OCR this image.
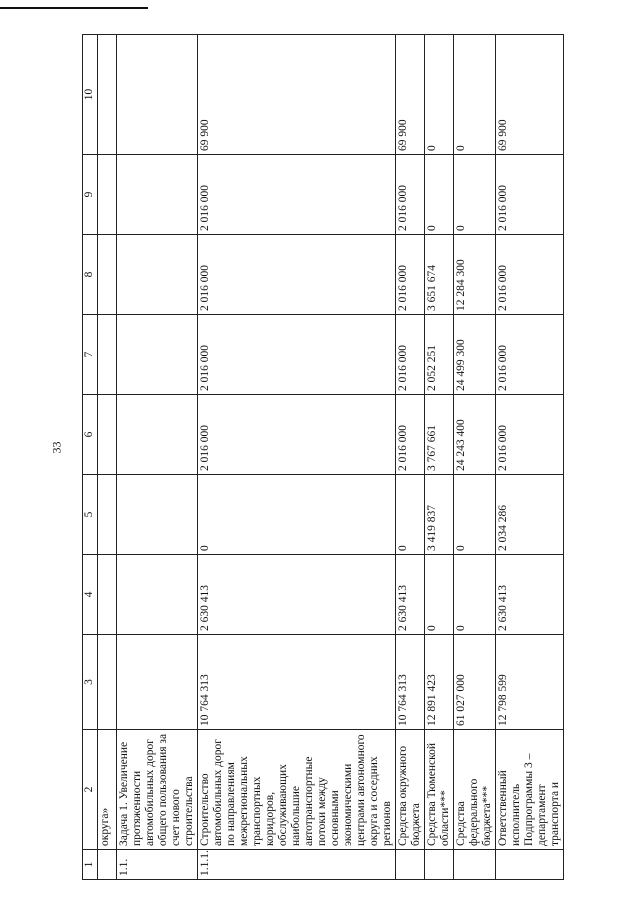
33
1	2	3	4	5	6	7	8	9	10
	округа»								
1.1.	Задача 1. Увеличение протяженности автомобильных дорог общего пользования за счет нового строительства								
1.1.1.	Строительство автомобильных дорог по направлениям межрегиональных транспортных коридоров, обслуживающих наибольшие автотранспортные потоки между основными экономическими центрами автономного округа и соседних регионов	10 764 313	2 630 413	0	2 016 000	2 016 000	2 016 000	2 016 000	69 900
	Средства окружного бюджета	10 764 313	2 630 413	0	2 016 000	2 016 000	2 016 000	2 016 000	69 900
	Средства Тюменской области***	12 891 423	0	3 419 837	3 767 661	2 052 251	3 651 674	0	0
	Средства федерального бюджета***	61 027 000	0	0	24 243 400	24 499 300	12 284 300	0	0
	Ответственный исполнитель Подпрограммы 3 – департамент транспорта и	12 798 599	2 630 413	2 034 286	2 016 000	2 016 000	2 016 000	2 016 000	69 900
